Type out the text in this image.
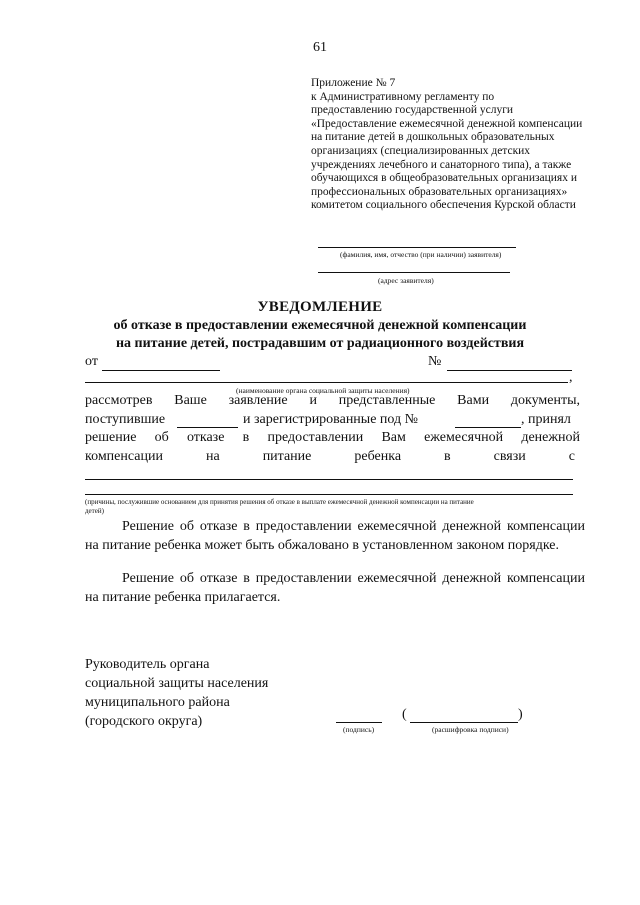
61
Приложение № 7
к Административному регламенту по
предоставлению государственной услуги
«Предоставление ежемесячной денежной компенсации
на питание детей в дошкольных образовательных
организациях (специализированных детских
учреждениях лечебного и санаторного типа), а также
обучающихся в общеобразовательных организациях и
профессиональных образовательных организациях»
комитетом социального обеспечения Курской области
(фамилия, имя, отчество (при наличии) заявителя)
(адрес заявителя)
УВЕДОМЛЕНИЕ
об отказе в предоставлении ежемесячной денежной компенсации
на питание детей, пострадавшим от радиационного воздействия
от	№
,
(наименование органа социальной защиты населения)
рассмотрев Ваше заявление и представленные Вами документы,
поступившие	и зарегистрированные под №	, принял
решение об отказе в предоставлении Вам ежемесячной денежной
компенсации	на	питание	ребенка	в	связи	с
(причины, послужившие основанием для принятия решения об отказе в выплате ежемесячной денежной компенсации на питание
детей)
Решение об отказе в предоставлении ежемесячной денежной компенсации на питание ребенка может быть обжаловано в установленном законом порядке.
Решение об отказе в предоставлении ежемесячной денежной компенсации на питание ребенка прилагается.
Руководитель органа
социальной защиты населения
муниципального района
(городского округа)
(подпись)
(	)
(расшифровка подписи)
